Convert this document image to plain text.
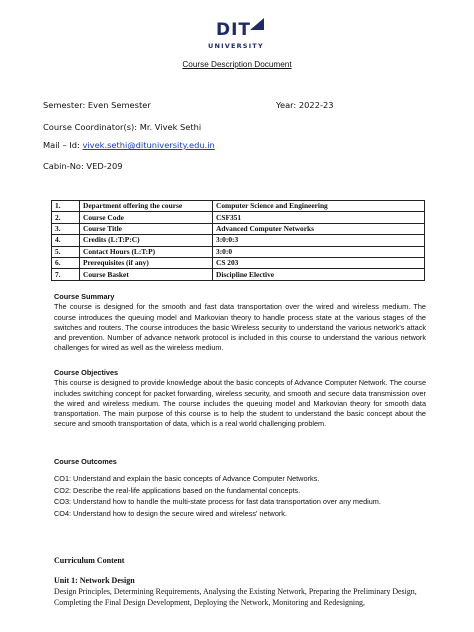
DIT
UNIVERSITY
Course Description Document
Semester: Even Semester	Year: 2022-23
Course Coordinator(s): Mr. Vivek Sethi
Mail – Id: vivek.sethi@dituniversity.edu.in
Cabin-No: VED-209
1.	Department offering the course	Computer Science and Engineering
2.	Course Code	CSF351
3.	Course Title	Advanced Computer Networks
4.	Credits (L:T:P:C)	3:0:0:3
5.	Contact Hours (L:T:P)	3:0:0
6.	Prerequisites (if any)	CS 203
7.	Course Basket	Discipline Elective
Course Summary
The course is designed for the smooth and fast data transportation over the wired and wireless medium. The course introduces the queuing model and Markovian theory to handle process state at the various stages of the switches and routers. The course introduces the basic Wireless security to understand the various network's attack and prevention. Number of advance network protocol is included in this course to understand the various network challenges for wired as well as the wireless medium.
Course Objectives
This course is designed to provide knowledge about the basic concepts of Advance Computer Network. The course includes switching concept for packet forwarding, wireless security, and smooth and secure data transmission over the wired and wireless medium. The course includes the queuing model and Markovian theory for smooth data transportation. The main purpose of this course is to help the student to understand the basic concept about the secure and smooth transportation of data, which is a real world challenging problem.
Course Outcomes
CO1: Understand and explain the basic concepts of Advance Computer Networks.
CO2: Describe the real-life applications based on the fundamental concepts.
CO3: Understand how to handle the multi-state process for fast data transportation over any medium.
CO4: Understand how to design the secure wired and wireless' network.
Curriculum Content
Unit 1: Network Design
Design Principles, Determining Requirements, Analysing the Existing Network, Preparing the Preliminary Design, Completing the Final Design Development, Deploying the Network, Monitoring and Redesigning,
